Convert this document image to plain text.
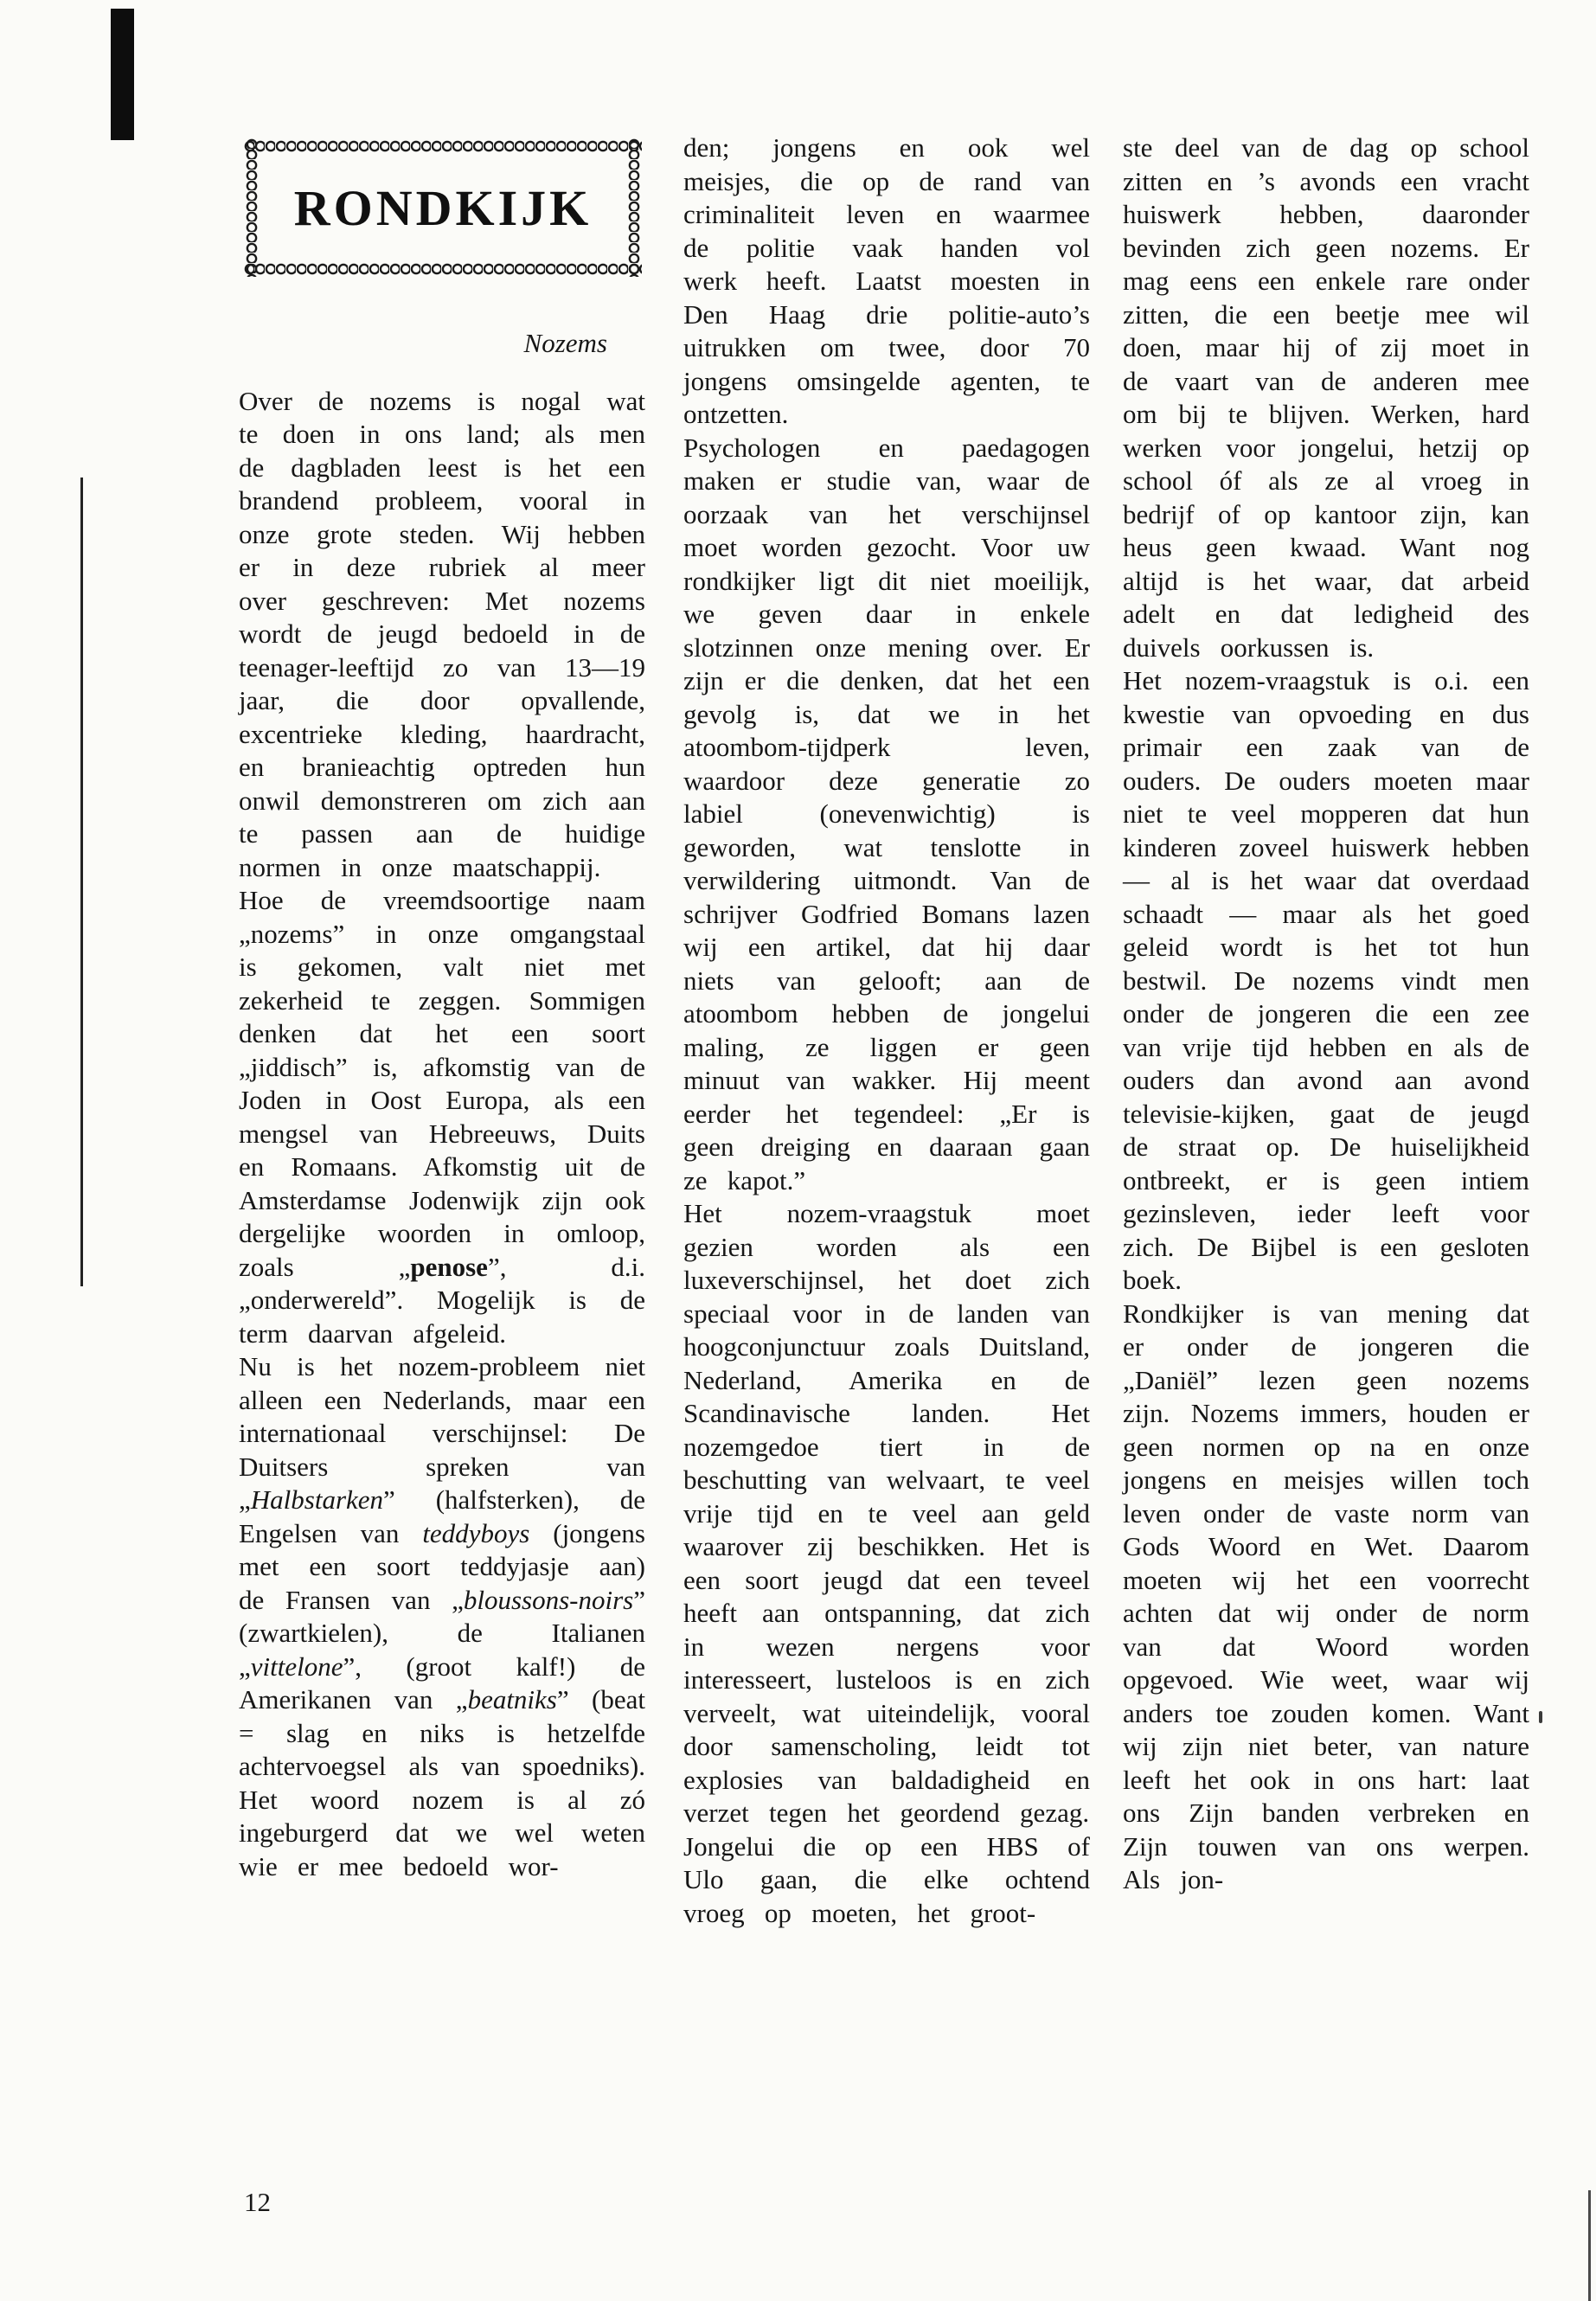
RONDKIJK
Nozems

Over de nozems is nogal wat te doen in ons land; als men de dagbladen leest is het een brandend probleem, vooral in onze grote steden. Wij hebben er in deze rubriek al meer over geschreven: Met nozems wordt de jeugd bedoeld in de teenager-leeftijd zo van 13—19 jaar, die door opvallende, excentrieke kleding, haardracht, en branieachtig optreden hun onwil demonstreren om zich aan te passen aan de huidige normen in onze maatschappij.

Hoe de vreemdsoortige naam „nozems” in onze omgangstaal is gekomen, valt niet met zekerheid te zeggen. Sommigen denken dat het een soort „jiddisch” is, afkomstig van de Joden in Oost Europa, als een mengsel van Hebreeuws, Duits en Romaans. Afkomstig uit de Amsterdamse Jodenwijk zijn ook dergelijke woorden in omloop, zoals „penose”, d.i. „onderwereld”. Mogelijk is de term daarvan afgeleid.

Nu is het nozem-probleem niet alleen een Nederlands, maar een internationaal verschijnsel: De Duitsers spreken van „Halbstarken” (halfsterken), de Engelsen van teddyboys (jongens met een soort teddyjasje aan) de Fransen van „bloussons-noirs” (zwartkielen), de Italianen „vittelone”, (groot kalf!) de Amerikanen van „beatniks” (beat = slag en niks is hetzelfde achtervoegsel als van spoedniks). Het woord nozem is al zó ingeburgerd dat we wel weten wie er mee bedoeld wor-

den; jongens en ook wel meisjes, die op de rand van criminaliteit leven en waarmee de politie vaak handen vol werk heeft. Laatst moesten in Den Haag drie politie-auto’s uitrukken om twee, door 70 jongens omsingelde agenten, te ontzetten.

Psychologen en paedagogen maken er studie van, waar de oorzaak van het verschijnsel moet worden gezocht. Voor uw rondkijker ligt dit niet moeilijk, we geven daar in enkele slotzinnen onze mening over. Er zijn er die denken, dat het een gevolg is, dat we in het atoombom-tijdperk leven, waardoor deze generatie zo labiel (onevenwichtig) is geworden, wat tenslotte in verwildering uitmondt. Van de schrijver Godfried Bomans lazen wij een artikel, dat hij daar niets van gelooft; aan de atoombom hebben de jongelui maling, ze liggen er geen minuut van wakker. Hij meent eerder het tegendeel: „Er is geen dreiging en daaraan gaan ze kapot.”

Het nozem-vraagstuk moet gezien worden als een luxeverschijnsel, het doet zich speciaal voor in de landen van hoogconjunctuur zoals Duitsland, Nederland, Amerika en de Scandinavische landen. Het nozemgedoe tiert in de beschutting van welvaart, te veel vrije tijd en te veel aan geld waarover zij beschikken. Het is een soort jeugd dat een teveel heeft aan ontspanning, dat zich in wezen nergens voor interesseert, lusteloos is en zich verveelt, wat uiteindelijk, vooral door samenscholing, leidt tot explosies van baldadigheid en verzet tegen het geordend gezag.

Jongelui die op een HBS of Ulo gaan, die elke ochtend vroeg op moeten, het groot-

ste deel van de dag op school zitten en ’s avonds een vracht huiswerk hebben, daaronder bevinden zich geen nozems. Er mag eens een enkele rare onder zitten, die een beetje mee wil doen, maar hij of zij moet in de vaart van de anderen mee om bij te blijven. Werken, hard werken voor jongelui, hetzij op school óf als ze al vroeg in bedrijf of op kantoor zijn, kan heus geen kwaad. Want nog altijd is het waar, dat arbeid adelt en dat ledigheid des duivels oorkussen is.

Het nozem-vraagstuk is o.i. een kwestie van opvoeding en dus primair een zaak van de ouders. De ouders moeten maar niet te veel mopperen dat hun kinderen zoveel huiswerk hebben — al is het waar dat overdaad schaadt — maar als het goed geleid wordt is het tot hun bestwil. De nozems vindt men onder de jongeren die een zee van vrije tijd hebben en als de ouders dan avond aan avond televisie-kijken, gaat de jeugd de straat op. De huiselijkheid ontbreekt, er is geen intiem gezinsleven, ieder leeft voor zich. De Bijbel is een gesloten boek.

Rondkijker is van mening dat er onder de jongeren die „Daniël” lezen geen nozems zijn. Nozems immers, houden er geen normen op na en onze jongens en meisjes willen toch leven onder de vaste norm van Gods Woord en Wet. Daarom moeten wij het een voorrecht achten dat wij onder de norm van dat Woord worden opgevoed. Wie weet, waar wij anders toe zouden komen. Want wij zijn niet beter, van nature leeft het ook in ons hart: laat ons Zijn banden verbreken en Zijn touwen van ons werpen. Als jon-

12
